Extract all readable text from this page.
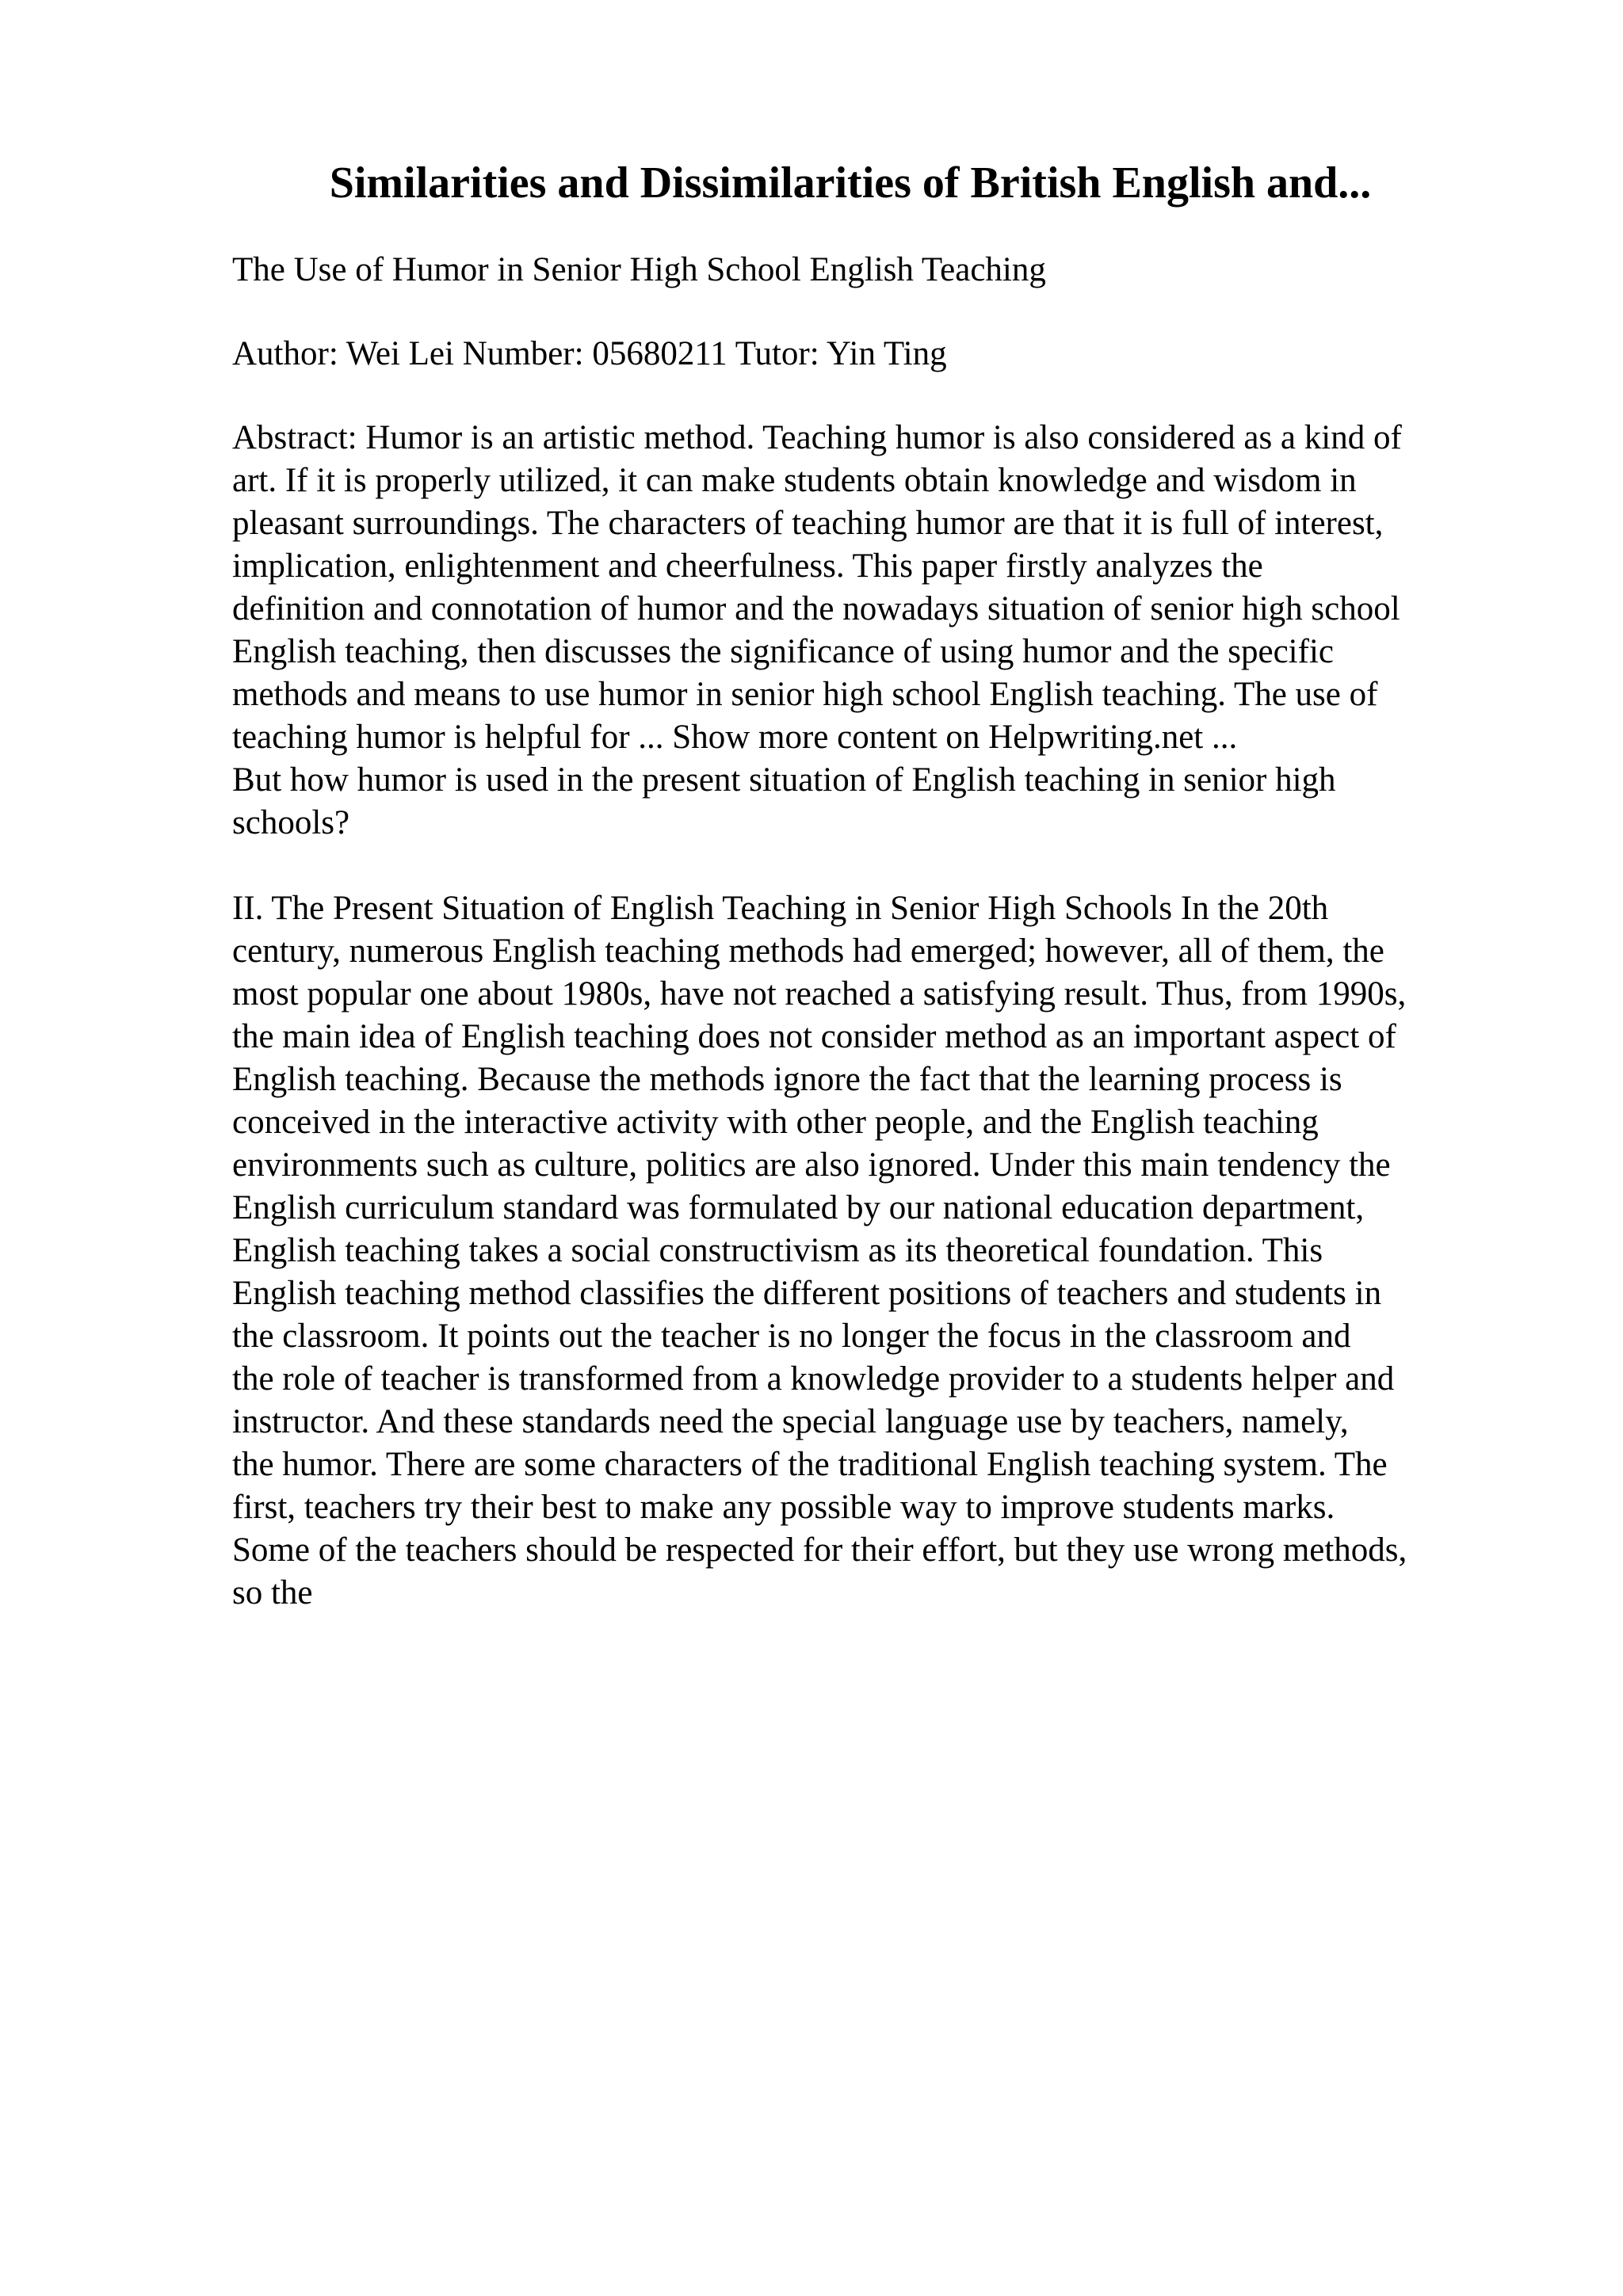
Similarities and Dissimilarities of British English and...

The Use of Humor in Senior High School English Teaching

Author: Wei Lei Number: 05680211 Tutor: Yin Ting

Abstract: Humor is an artistic method. Teaching humor is also considered as a kind of
art. If it is properly utilized, it can make students obtain knowledge and wisdom in
pleasant surroundings. The characters of teaching humor are that it is full of interest,
implication, enlightenment and cheerfulness. This paper firstly analyzes the
definition and connotation of humor and the nowadays situation of senior high school
English teaching, then discusses the significance of using humor and the specific
methods and means to use humor in senior high school English teaching. The use of
teaching humor is helpful for ... Show more content on Helpwriting.net ...

But how humor is used in the present situation of English teaching in senior high
schools?

II. The Present Situation of English Teaching in Senior High Schools In the 20th
century, numerous English teaching methods had emerged; however, all of them, the
most popular one about 1980s, have not reached a satisfying result. Thus, from 1990s,
the main idea of English teaching does not consider method as an important aspect of
English teaching. Because the methods ignore the fact that the learning process is
conceived in the interactive activity with other people, and the English teaching
environments such as culture, politics are also ignored. Under this main tendency the
English curriculum standard was formulated by our national education department,
English teaching takes a social constructivism as its theoretical foundation. This
English teaching method classifies the different positions of teachers and students in
the classroom. It points out the teacher is no longer the focus in the classroom and
the role of teacher is transformed from a knowledge provider to a students helper and
instructor. And these standards need the special language use by teachers, namely,
the humor. There are some characters of the traditional English teaching system. The
first, teachers try their best to make any possible way to improve students marks.
Some of the teachers should be respected for their effort, but they use wrong methods,
so the
